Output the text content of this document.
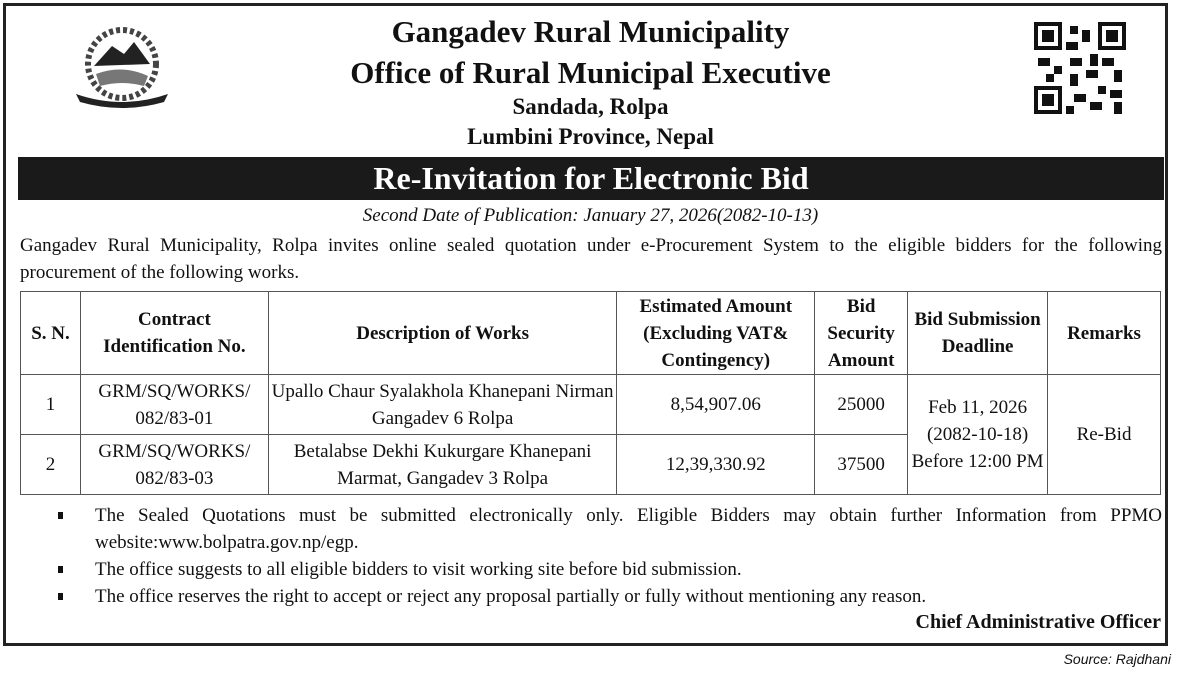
Gangadev Rural Municipality
Office of Rural Municipal Executive
Sandada, Rolpa
Lumbini Province, Nepal
Re-Invitation for Electronic Bid
Second Date of Publication: January 27, 2026(2082-10-13)
Gangadev Rural Municipality, Rolpa invites online sealed quotation under e-Procurement System to the eligible bidders for the following procurement of the following works.
S. N.	Contract Identification No.	Description of Works	Estimated Amount (Excluding VAT& Contingency)	Bid Security Amount	Bid Submission Deadline	Remarks
1	GRM/SQ/WORKS/ 082/83-01	Upallo Chaur Syalakhola Khanepani Nirman Gangadev 6 Rolpa	8,54,907.06	25000	Feb 11, 2026 (2082-10-18) Before 12:00 PM	Re-Bid
2	GRM/SQ/WORKS/ 082/83-03	Betalabse Dekhi Kukurgare Khanepani Marmat, Gangadev 3 Rolpa	12,39,330.92	37500		
The Sealed Quotations must be submitted electronically only. Eligible Bidders may obtain further Information from PPMO website:www.bolpatra.gov.np/egp.
The office suggests to all eligible bidders to visit working site before bid submission.
The office reserves the right to accept or reject any proposal partially or fully without mentioning any reason.
Chief Administrative Officer
Source: Rajdhani
